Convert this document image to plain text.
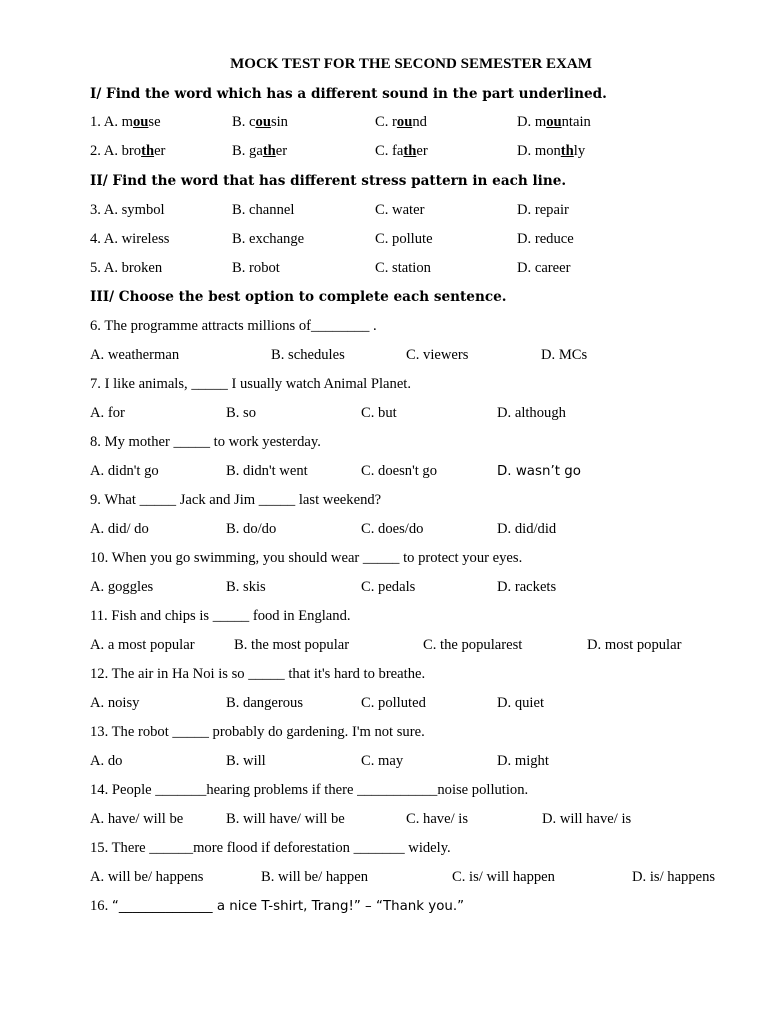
MOCK TEST FOR THE SECOND SEMESTER EXAM
I/ Find the word which has a different sound in the part underlined.
1. A. mouse	B. cousin	C. round	D. mountain
2. A. brother	B. gather	C. father	D. monthly
II/ Find the word that has different stress pattern in each line.
3. A. symbol	B. channel	C. water	D. repair
4. A. wireless	B. exchange	C. pollute	D. reduce
5. A. broken	B. robot	C. station	D. career
III/ Choose the best option to complete each sentence.
6. The programme attracts millions of________ .
A. weatherman	B. schedules	C. viewers	D. MCs
7. I like animals, _____ I usually watch Animal Planet.
A. for	B. so	C. but	D. although
8. My mother _____ to work yesterday.
A. didn't go	B. didn't went	C. doesn't go	D. wasn’t go
9. What _____ Jack and Jim _____ last weekend?
A. did/ do	B. do/do	C. does/do	D. did/did
10. When you go swimming, you should wear _____ to protect your eyes.
A. goggles	B. skis	C. pedals	D. rackets
11. Fish and chips is _____ food in England.
A. a most popular	B. the most popular	C. the popularest	D. most popular
12. The air in Ha Noi is so _____ that it's hard to breathe.
A. noisy	B. dangerous	C. polluted	D. quiet
13. The robot _____ probably do gardening. I'm not sure.
A. do	B. will	C. may	D. might
14. People _______hearing problems if there ___________noise pollution.
A. have/ will be	B. will have/ will be	C. have/ is	D. will have/ is
15. There ______more flood if deforestation _______ widely.
A. will be/ happens	B. will be/ happen	C. is/ will happen	D. is/ happens
16. “______________ a nice T-shirt, Trang!” – “Thank you.”
